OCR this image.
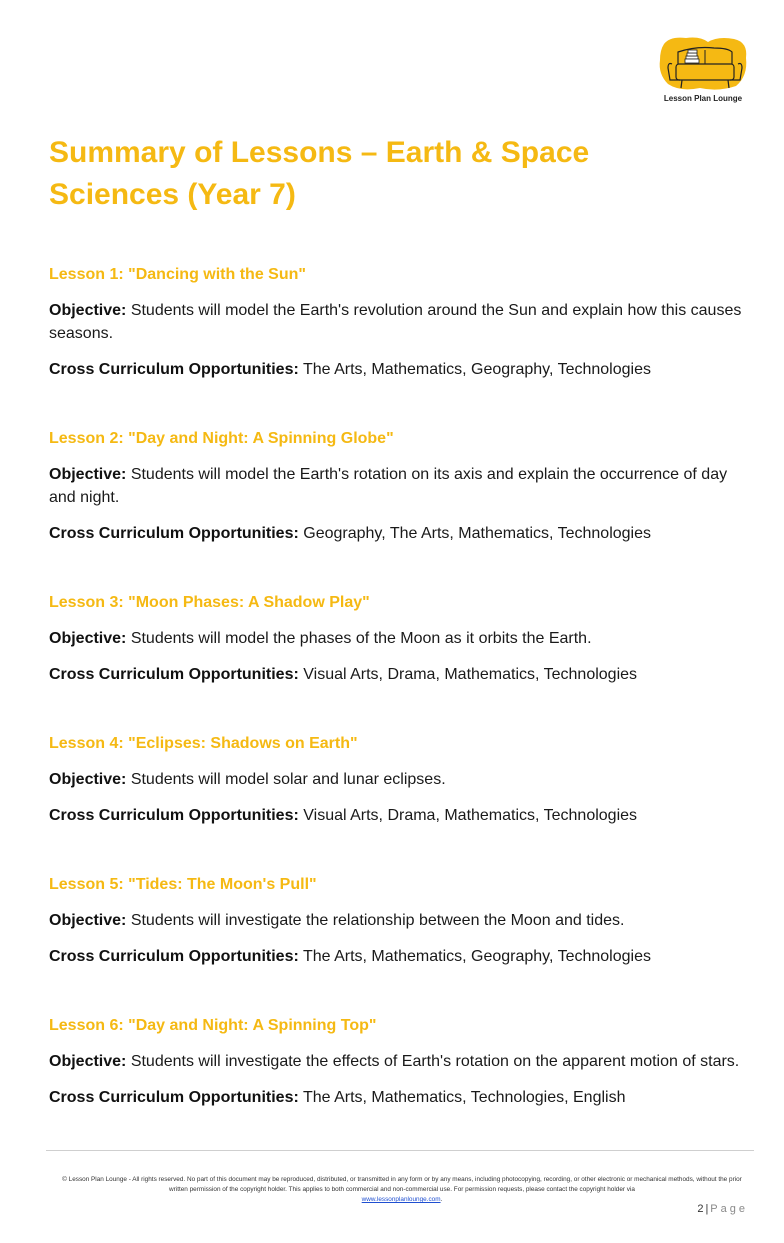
Lesson Plan Lounge
Summary of Lessons – Earth & Space Sciences (Year 7)
Lesson 1: "Dancing with the Sun"
Objective: Students will model the Earth's revolution around the Sun and explain how this causes seasons.
Cross Curriculum Opportunities: The Arts, Mathematics, Geography, Technologies
Lesson 2: "Day and Night: A Spinning Globe"
Objective: Students will model the Earth's rotation on its axis and explain the occurrence of day and night.
Cross Curriculum Opportunities: Geography, The Arts, Mathematics, Technologies
Lesson 3: "Moon Phases: A Shadow Play"
Objective: Students will model the phases of the Moon as it orbits the Earth.
Cross Curriculum Opportunities: Visual Arts, Drama, Mathematics, Technologies
Lesson 4: "Eclipses: Shadows on Earth"
Objective: Students will model solar and lunar eclipses.
Cross Curriculum Opportunities: Visual Arts, Drama, Mathematics, Technologies
Lesson 5: "Tides: The Moon's Pull"
Objective: Students will investigate the relationship between the Moon and tides.
Cross Curriculum Opportunities: The Arts, Mathematics, Geography, Technologies
Lesson 6: "Day and Night: A Spinning Top"
Objective: Students will investigate the effects of Earth's rotation on the apparent motion of stars.
Cross Curriculum Opportunities: The Arts, Mathematics, Technologies, English
© Lesson Plan Lounge - All rights reserved. No part of this document may be reproduced, distributed, or transmitted in any form or by any means, including photocopying, recording, or other electronic or mechanical methods, without the prior written permission of the copyright holder. This applies to both commercial and non-commercial use. For permission requests, please contact the copyright holder via
www.lessonplanlounge.com.
2 | Page
